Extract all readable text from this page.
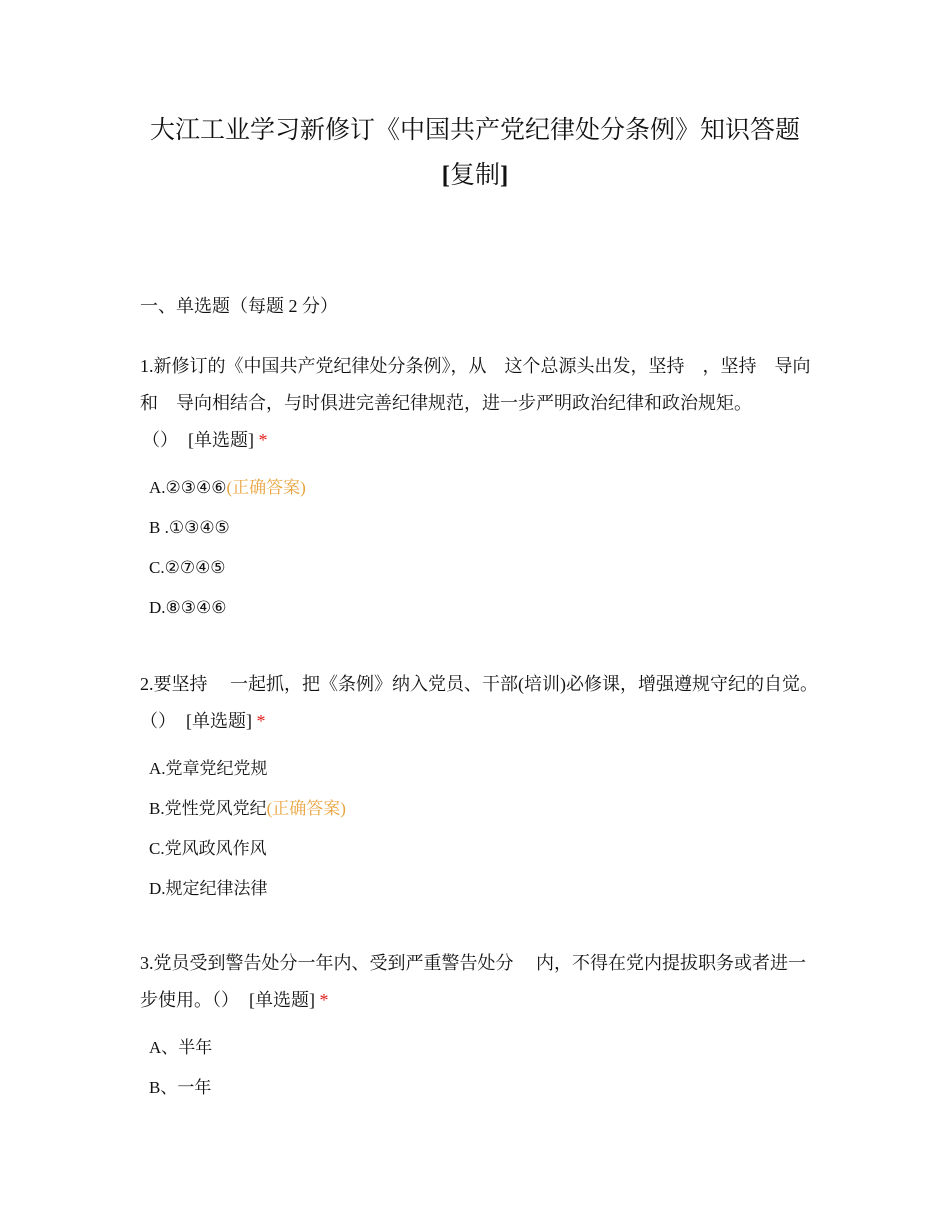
大江工业学习新修订《中国共产党纪律处分条例》知识答题
[复制]
一、单选题（每题 2 分）
1.新修订的《中国共产党纪律处分条例》，从　这个总源头出发，坚持　，坚持　导向和　导向相结合，与时俱进完善纪律规范，进一步严明政治纪律和政治规矩。
（） [单选题] *
A.②③④⑥(正确答案)
B .①③④⑤
C.②⑦④⑤
D.⑧③④⑥
2.要坚持　 一起抓，把《条例》纳入党员、干部(培训)必修课，增强遵规守纪的自觉。（） [单选题] *
A.党章党纪党规
B.党性党风党纪(正确答案)
C.党风政风作风
D.规定纪律法律
3.党员受到警告处分一年内、受到严重警告处分　 内，不得在党内提拔职务或者进一步使用。（） [单选题] *
A、半年
B、一年
